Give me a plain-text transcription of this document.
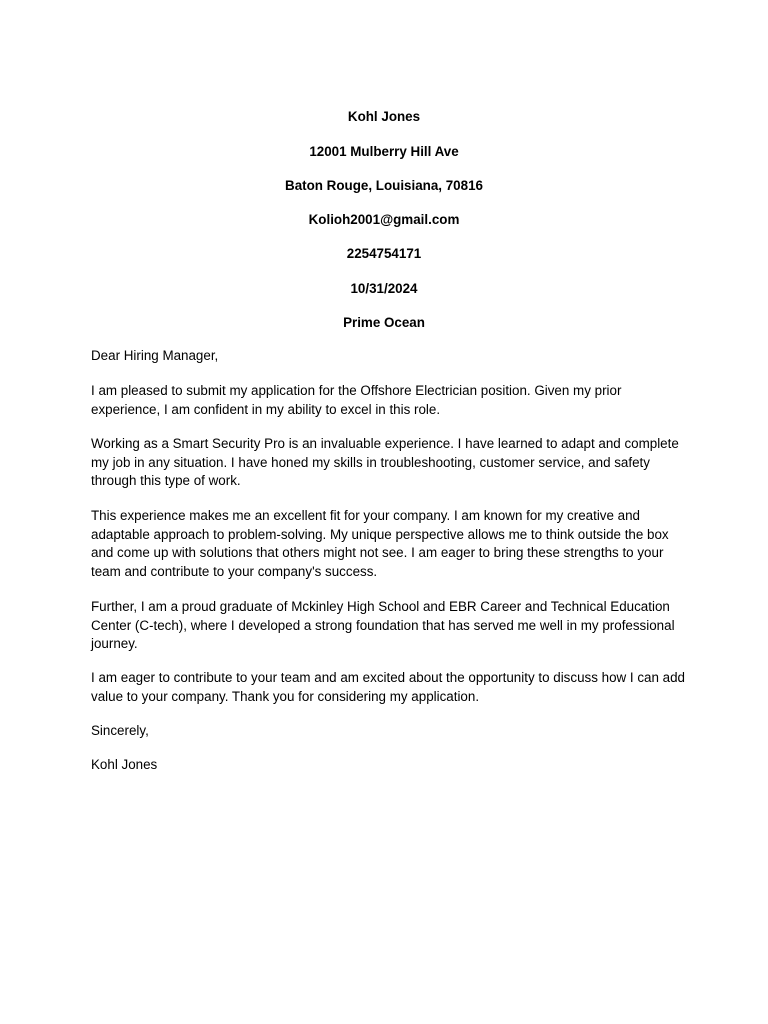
Kohl Jones
12001 Mulberry Hill Ave
Baton Rouge, Louisiana, 70816
Kolioh2001@gmail.com
2254754171
10/31/2024
Prime Ocean

Dear Hiring Manager,

I am pleased to submit my application for the Offshore Electrician position. Given my prior experience, I am confident in my ability to excel in this role.

Working as a Smart Security Pro is an invaluable experience. I have learned to adapt and complete my job in any situation. I have honed my skills in troubleshooting, customer service, and safety through this type of work.

This experience makes me an excellent fit for your company. I am known for my creative and adaptable approach to problem-solving. My unique perspective allows me to think outside the box and come up with solutions that others might not see. I am eager to bring these strengths to your team and contribute to your company's success.

Further, I am a proud graduate of Mckinley High School and EBR Career and Technical Education Center (C-tech), where I developed a strong foundation that has served me well in my professional journey.

I am eager to contribute to your team and am excited about the opportunity to discuss how I can add value to your company. Thank you for considering my application.

Sincerely,

Kohl Jones
